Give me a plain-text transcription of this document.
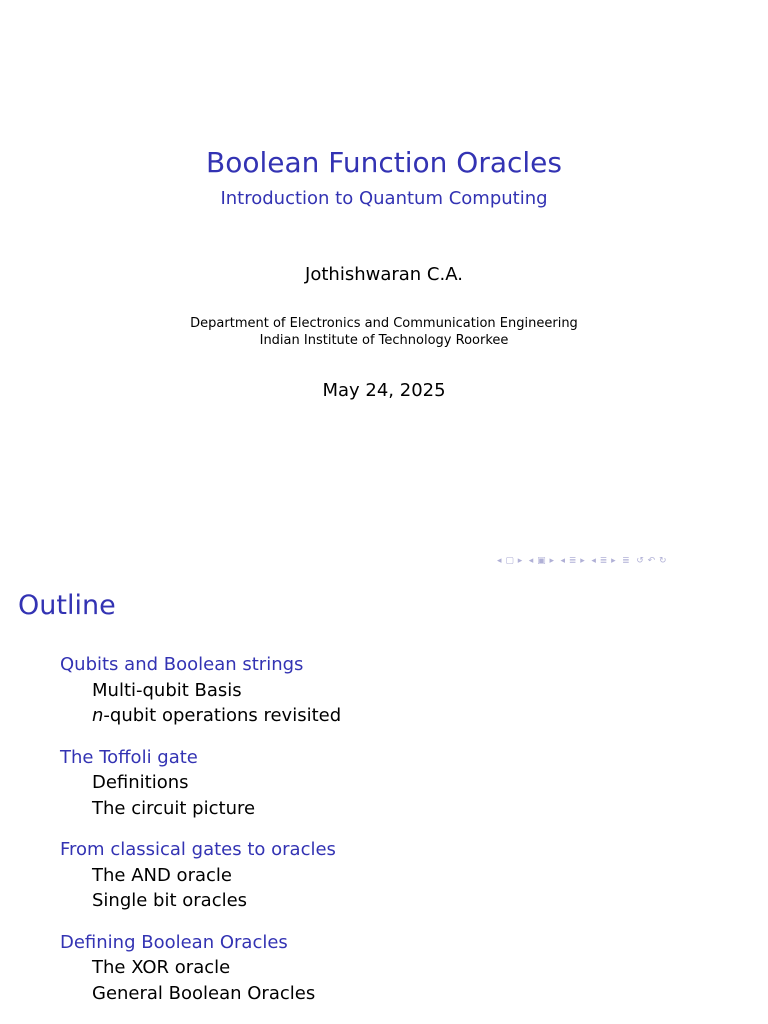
Boolean Function Oracles
Introduction to Quantum Computing
Jothishwaran C.A.
Department of Electronics and Communication Engineering
Indian Institute of Technology Roorkee
May 24, 2025
◂ ▢ ▸ ◂ ▣ ▸ ◂ ≣ ▸ ◂ ≣ ▸ ≣ ↺ ↶ ↻
Outline
Qubits and Boolean strings
Multi-qubit Basis
n-qubit operations revisited
The Toffoli gate
Definitions
The circuit picture
From classical gates to oracles
The AND oracle
Single bit oracles
Defining Boolean Oracles
The XOR oracle
General Boolean Oracles
